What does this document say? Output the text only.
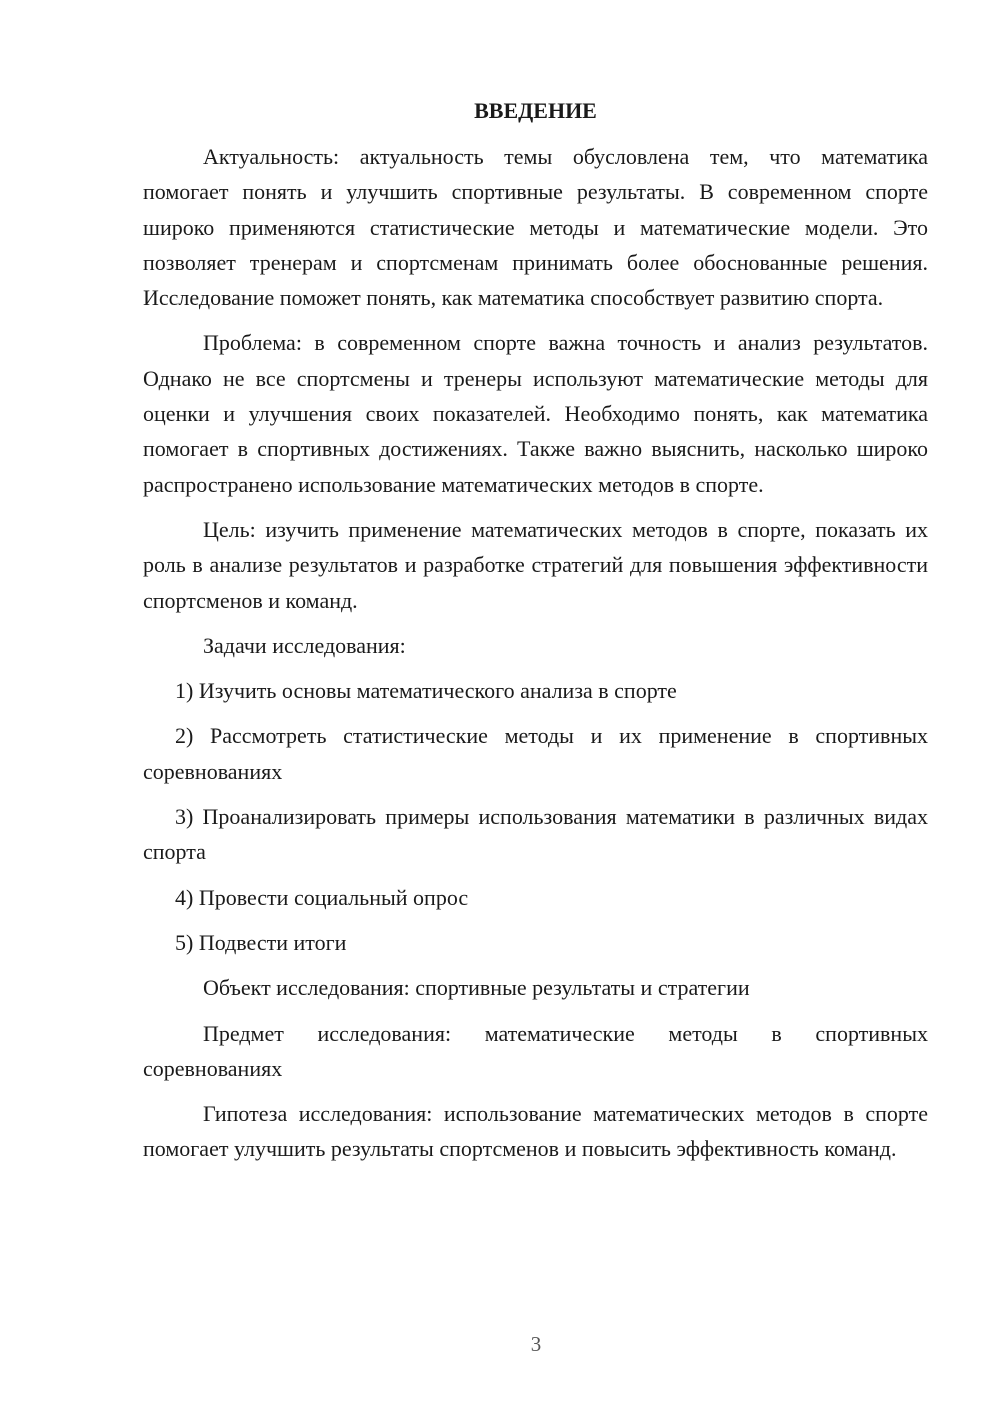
ВВЕДЕНИЕ

Актуальность: актуальность темы обусловлена тем, что математика помогает понять и улучшить спортивные результаты. В современном спорте широко применяются статистические методы и математические модели. Это позволяет тренерам и спортсменам принимать более обоснованные решения. Исследование поможет понять, как математика способствует развитию спорта.

Проблема: в современном спорте важна точность и анализ результатов. Однако не все спортсмены и тренеры используют математические методы для оценки и улучшения своих показателей. Необходимо понять, как математика помогает в спортивных достижениях. Также важно выяснить, насколько широко распространено использование математических методов в спорте.

Цель: изучить применение математических методов в спорте, показать их роль в анализе результатов и разработке стратегий для повышения эффективности спортсменов и команд.

Задачи исследования:

1) Изучить основы математического анализа в спорте

2) Рассмотреть статистические методы и их применение в спортивных соревнованиях

3) Проанализировать примеры использования математики в различных видах спорта

4) Провести социальный опрос

5) Подвести итоги

Объект исследования: спортивные результаты и стратегии

Предмет исследования: математические методы в спортивных соревнованиях

Гипотеза исследования: использование математических методов в спорте помогает улучшить результаты спортсменов и повысить эффективность команд.

3
